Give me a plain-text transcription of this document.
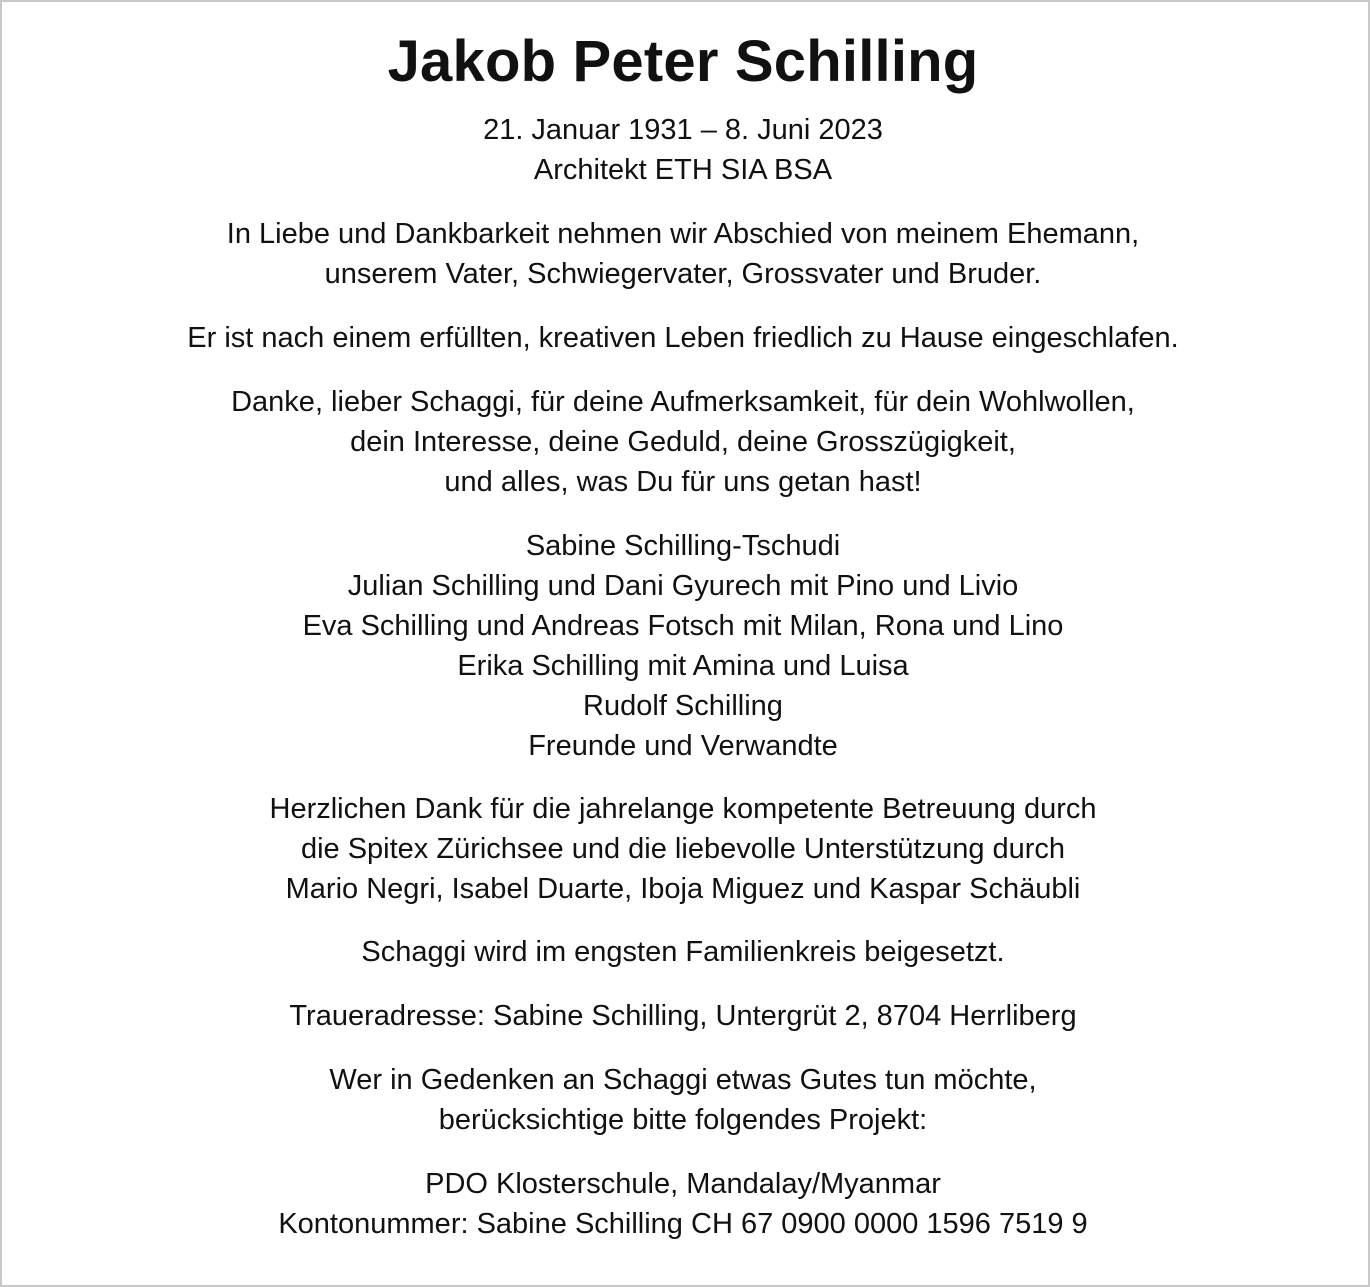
Jakob Peter Schilling

21. Januar 1931 – 8. Juni 2023
Architekt ETH SIA BSA

In Liebe und Dankbarkeit nehmen wir Abschied von meinem Ehemann,
unserem Vater, Schwiegervater, Grossvater und Bruder.

Er ist nach einem erfüllten, kreativen Leben friedlich zu Hause eingeschlafen.

Danke, lieber Schaggi, für deine Aufmerksamkeit, für dein Wohlwollen,
dein Interesse, deine Geduld, deine Grosszügigkeit,
und alles, was Du für uns getan hast!

Sabine Schilling-Tschudi
Julian Schilling und Dani Gyurech mit Pino und Livio
Eva Schilling und Andreas Fotsch mit Milan, Rona und Lino
Erika Schilling mit Amina und Luisa
Rudolf Schilling
Freunde und Verwandte

Herzlichen Dank für die jahrelange kompetente Betreuung durch
die Spitex Zürichsee und die liebevolle Unterstützung durch
Mario Negri, Isabel Duarte, Iboja Miguez und Kaspar Schäubli

Schaggi wird im engsten Familienkreis beigesetzt.

Traueradresse: Sabine Schilling, Untergrüt 2, 8704 Herrliberg

Wer in Gedenken an Schaggi etwas Gutes tun möchte,
berücksichtige bitte folgendes Projekt:

PDO Klosterschule, Mandalay/Myanmar
Kontonummer: Sabine Schilling CH 67 0900 0000 1596 7519 9
